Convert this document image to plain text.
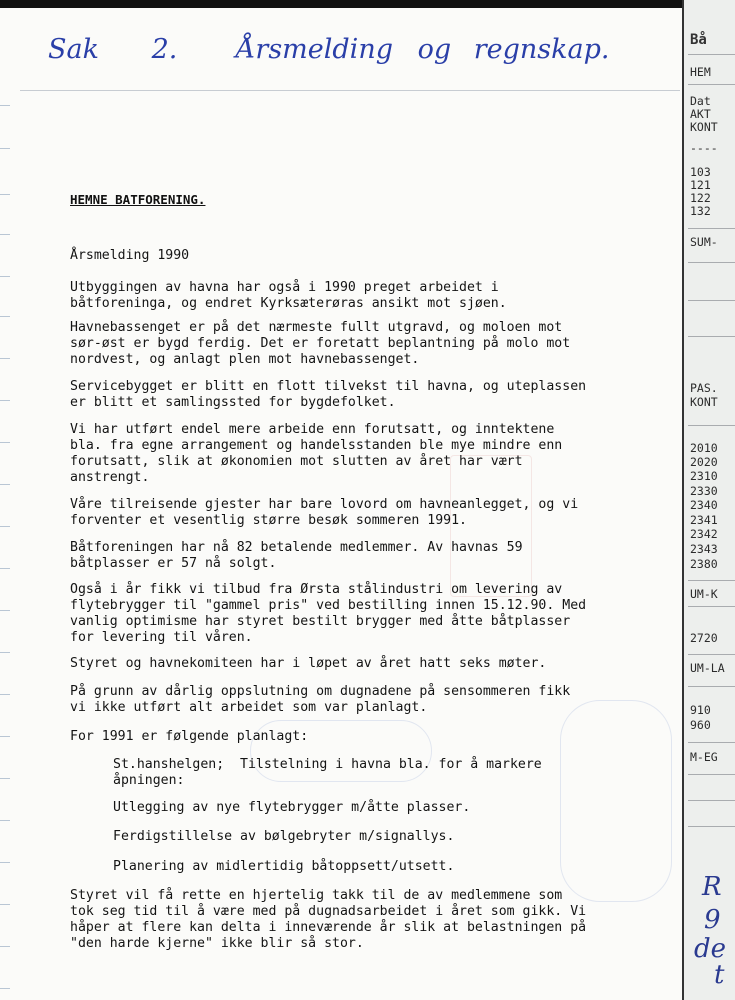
Sak 2. Årsmelding og regnskap.
HEMNE BATFORENING.

Årsmelding 1990

Utbyggingen av havna har også i 1990 preget arbeidet i
båtforeninga, og endret Kyrksæterøras ansikt mot sjøen.

Havnebassenget er på det nærmeste fullt utgravd, og moloen mot
sør-øst er bygd ferdig. Det er foretatt beplantning på molo mot
nordvest, og anlagt plen mot havnebassenget.

Servicebygget er blitt en flott tilvekst til havna, og uteplassen
er blitt et samlingssted for bygdefolket.

Vi har utført endel mere arbeide enn forutsatt, og inntektene
bla. fra egne arrangement og handelsstanden ble mye mindre enn
forutsatt, slik at økonomien mot slutten av året har vært
anstrengt.

Våre tilreisende gjester har bare lovord om havneanlegget, og vi
forventer et vesentlig større besøk sommeren 1991.

Båtforeningen har nå 82 betalende medlemmer. Av havnas 59
båtplasser er 57 nå solgt.

Også i år fikk vi tilbud fra Ørsta stålindustri om levering av
flytebrygger til "gammel pris" ved bestilling innen 15.12.90. Med
vanlig optimisme har styret bestilt brygger med åtte båtplasser
for levering til våren.

Styret og havnekomiteen har i løpet av året hatt seks møter.

På grunn av dårlig oppslutning om dugnadene på sensommeren fikk
vi ikke utført alt arbeidet som var planlagt.

For 1991 er følgende planlagt:

St.hanshelgen;  Tilstelning i havna bla. for å markere
åpningen:

Utlegging av nye flytebrygger m/åtte plasser.

Ferdigstillelse av bølgebryter m/signallys.

Planering av midlertidig båtoppsett/utsett.

Styret vil få rette en hjertelig takk til de av medlemmene som
tok seg tid til å være med på dugnadsarbeidet i året som gikk. Vi
håper at flere kan delta i inneværende år slik at belastningen på
"den harde kjerne" ikke blir så stor.

Bå
HEM
Dat
AKT
KONT
----
103
121
122
132
SUM-
PAS.
KONT
2010
2020
2310
2330
2340
2341
2342
2343
2380
UM-K
2720
UM-LA
910
960
M-EG
R
9
de
t
